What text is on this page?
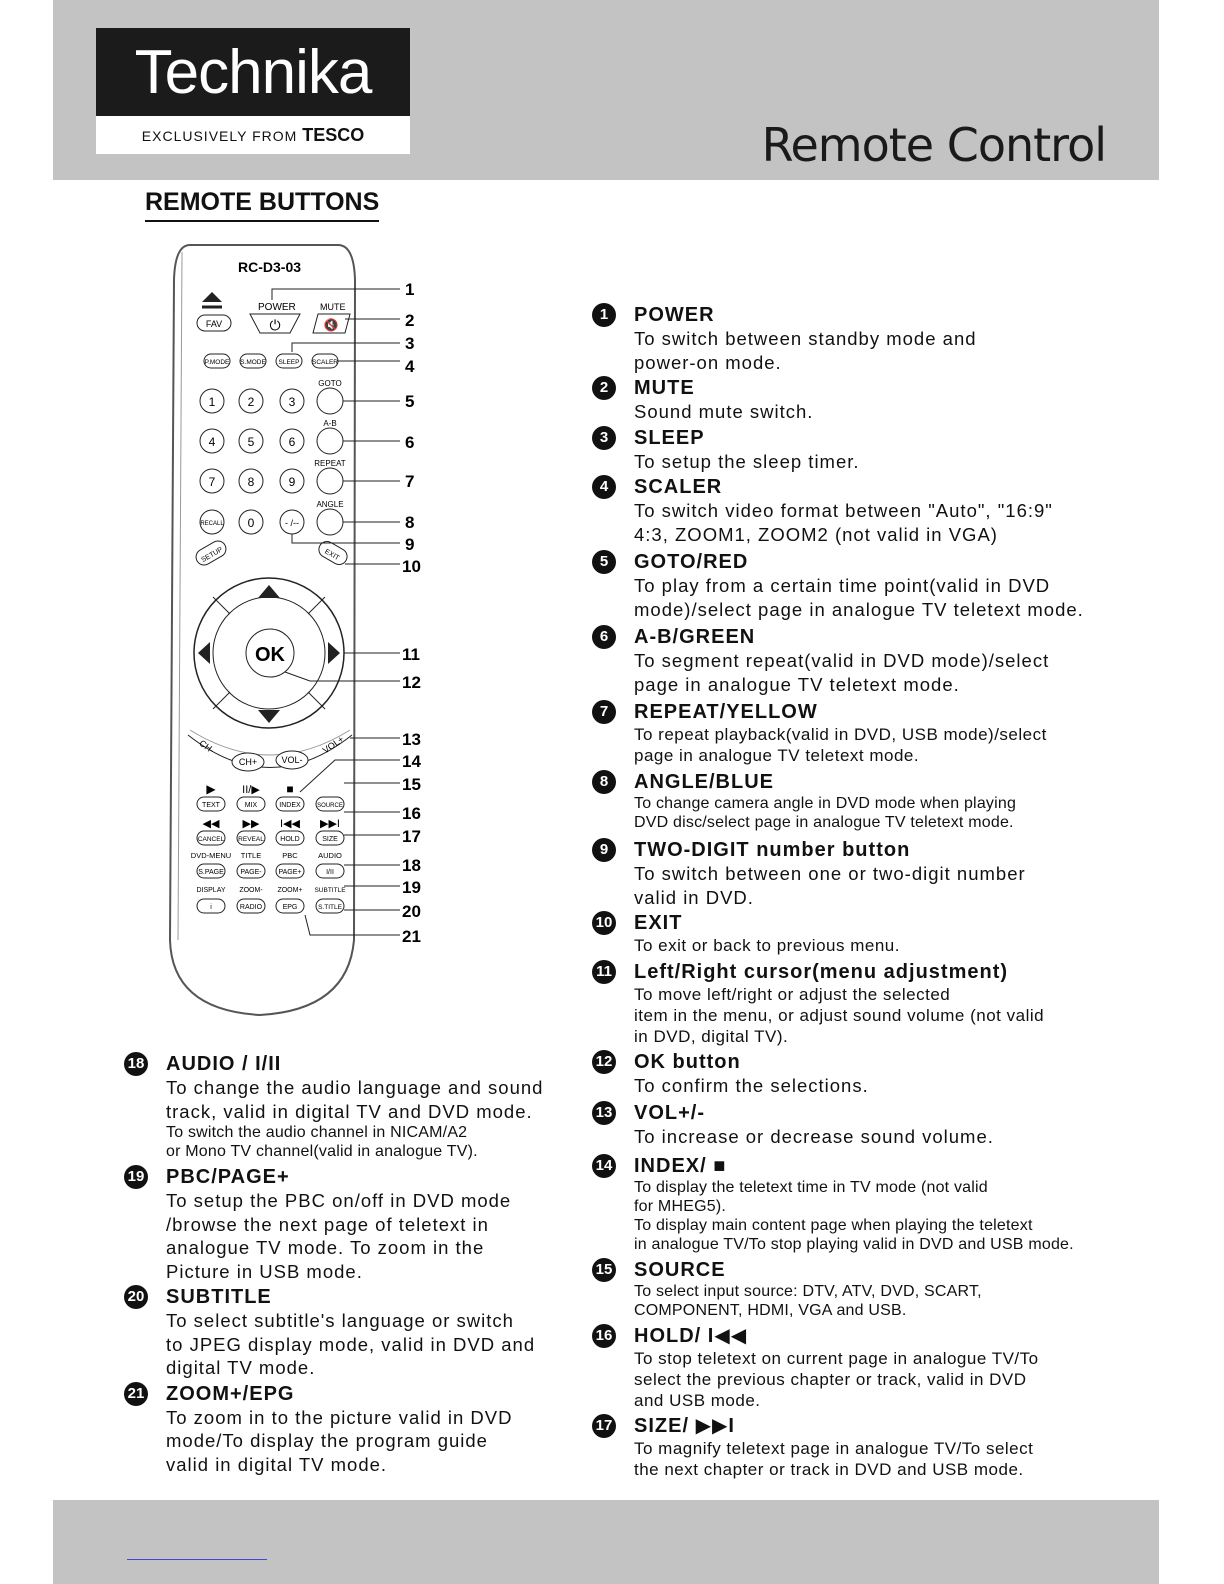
Technika
EXCLUSIVELY FROM TESCO	Remote Control
REMOTE BUTTONS
RC-D3-03
POWER	MUTE
FAV	⏻	🔇
P.MODE S.MODE SLEEP SCALER
1	2	3
4	5	6
7	8	9
RECALL 0	- /--
GOTO
A-B
REPEAT
ANGLE
SETUP	EXIT
OK
CH-
CH+	VOL-
VOL+
▶ II/▶ ■
TEXT	MIX	INDEX	SOURCE
◀◀ ▶▶ I◀◀ ▶▶I
CANCEL REVEAL HOLD	SIZE
DVD-MENU TITLE	PBC	AUDIO
S.PAGE PAGE- PAGE+	I/II
DISPLAY ZOOM- ZOOM+ SUBTITLE
i	RADIO	EPG	S.TITLE
1
2
3
4
5
6
7
8
9
10
11
12
13
14
15
16
17
18
19
20
21
18 AUDIO / I/II
To change the audio language and sound
track, valid in digital TV and DVD mode.
To switch the audio channel in NICAM/A2
or Mono TV channel(valid in analogue TV).
19 PBC/PAGE+
To setup the PBC on/off in DVD mode
/browse the next page of teletext in
analogue TV mode. To zoom in the
Picture in USB mode.
20 SUBTITLE
To select subtitle's language or switch
to JPEG display mode, valid in DVD and
digital TV mode.
21 ZOOM+/EPG
To zoom in to the picture valid in DVD
mode/To display the program guide
valid in digital TV mode.
1	POWER
To switch between standby mode and
power-on mode.
2	MUTE
Sound mute switch.
3	SLEEP
To setup the sleep timer.
4	SCALER
To switch video format between "Auto", "16:9"
4:3, ZOOM1, ZOOM2 (not valid in VGA)
5	GOTO/RED
To play from a certain time point(valid in DVD
mode)/select page in analogue TV teletext mode.
6	A-B/GREEN
To segment repeat(valid in DVD mode)/select
page in analogue TV teletext mode.
7	REPEAT/YELLOW
To repeat playback(valid in DVD, USB mode)/select
page in analogue TV teletext mode.
8	ANGLE/BLUE
To change camera angle in DVD mode when playing
DVD disc/select page in analogue TV teletext mode.
9	TWO-DIGIT number button
To switch between one or two-digit number
valid in DVD.
10 EXIT
To exit or back to previous menu.
11 Left/Right cursor(menu adjustment)
To move left/right or adjust the selected
item in the menu, or adjust sound volume (not valid
in DVD, digital TV).
12 OK button
To confirm the selections.
13 VOL+/-
To increase or decrease sound volume.
14 INDEX/ ■
To display the teletext time in TV mode (not valid
for MHEG5).
To display main content page when playing the teletext
in analogue TV/To stop playing valid in DVD and USB mode.
15 SOURCE
To select input source: DTV, ATV, DVD, SCART,
COMPONENT, HDMI, VGA and USB.
16 HOLD/ I◀◀
To stop teletext on current page in analogue TV/To
select the previous chapter or track, valid in DVD
and USB mode.
17 SIZE/ ▶▶I
To magnify teletext page in analogue TV/To select
the next chapter or track in DVD and USB mode.
